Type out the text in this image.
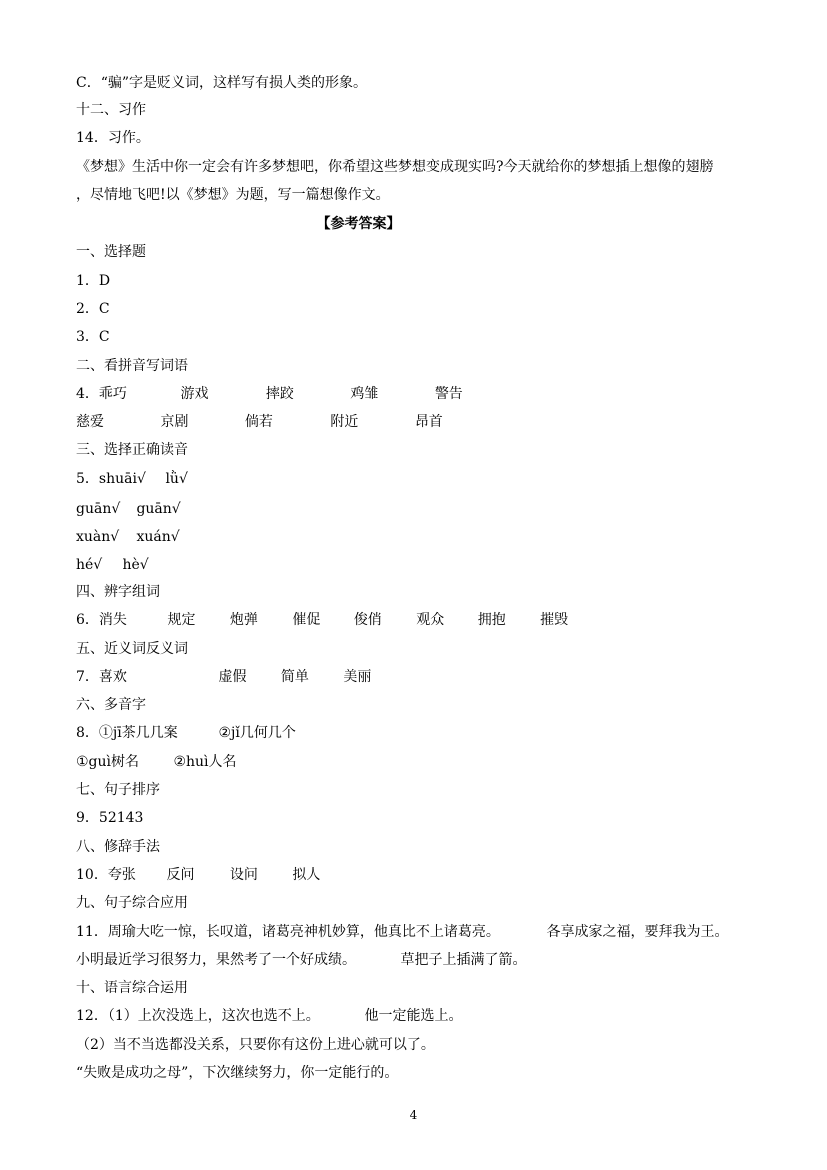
C．“骗”字是贬义词，这样写有损人类的形象。
十二、习作
14．习作。
《梦想》生活中你一定会有许多梦想吧，你希望这些梦想变成现实吗?今天就给你的梦想插上想像的翅膀
，尽情地飞吧!以《梦想》为题，写一篇想像作文。
【参考答案】
一、选择题
1．D
2．C
3．C
二、看拼音写词语
4．乖巧	游戏	摔跤	鸡雏	警告
慈爱	京剧	倘若	附近	昂首
三、选择正确读音
5．shuāi√ lǜ√
guān√ guān√
xuàn√ xuán√
hé√ hè√
四、辨字组词
6．消失	规定 炮弹 催促 俊俏 观众 拥抱 摧毁
五、近义词反义词
7．喜欢	虚假 简单 美丽
六、多音字
8．①jī茶几几案	②jǐ几何几个
①guì树名 ②huì人名
七、句子排序
9．52143
八、修辞手法
10．夸张 反问	设问 拟人
九、句子综合应用
11．周瑜大吃一惊，长叹道，诸葛亮神机妙算，他真比不上诸葛亮。	各享成家之福，要拜我为王。
小明最近学习很努力，果然考了一个好成绩。	草把子上插满了箭。
十、语言综合运用
12．（1）上次没选上，这次也选不上。	他一定能选上。
（2）当不当选都没关系，只要你有这份上进心就可以了。
“失败是成功之母”，下次继续努力，你一定能行的。
4
